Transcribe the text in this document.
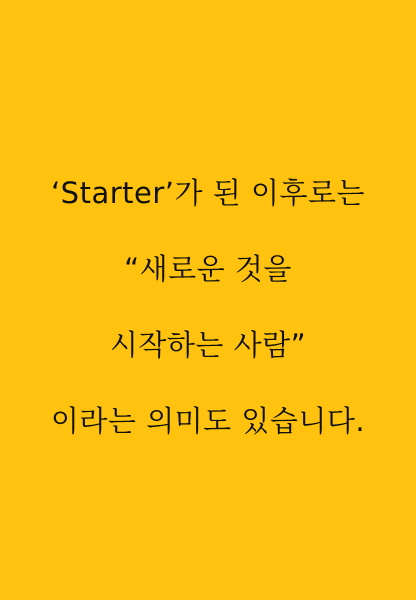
‘Starter’가 된 이후로는
“새로운 것을
시작하는 사람”
이라는 의미도 있습니다.
